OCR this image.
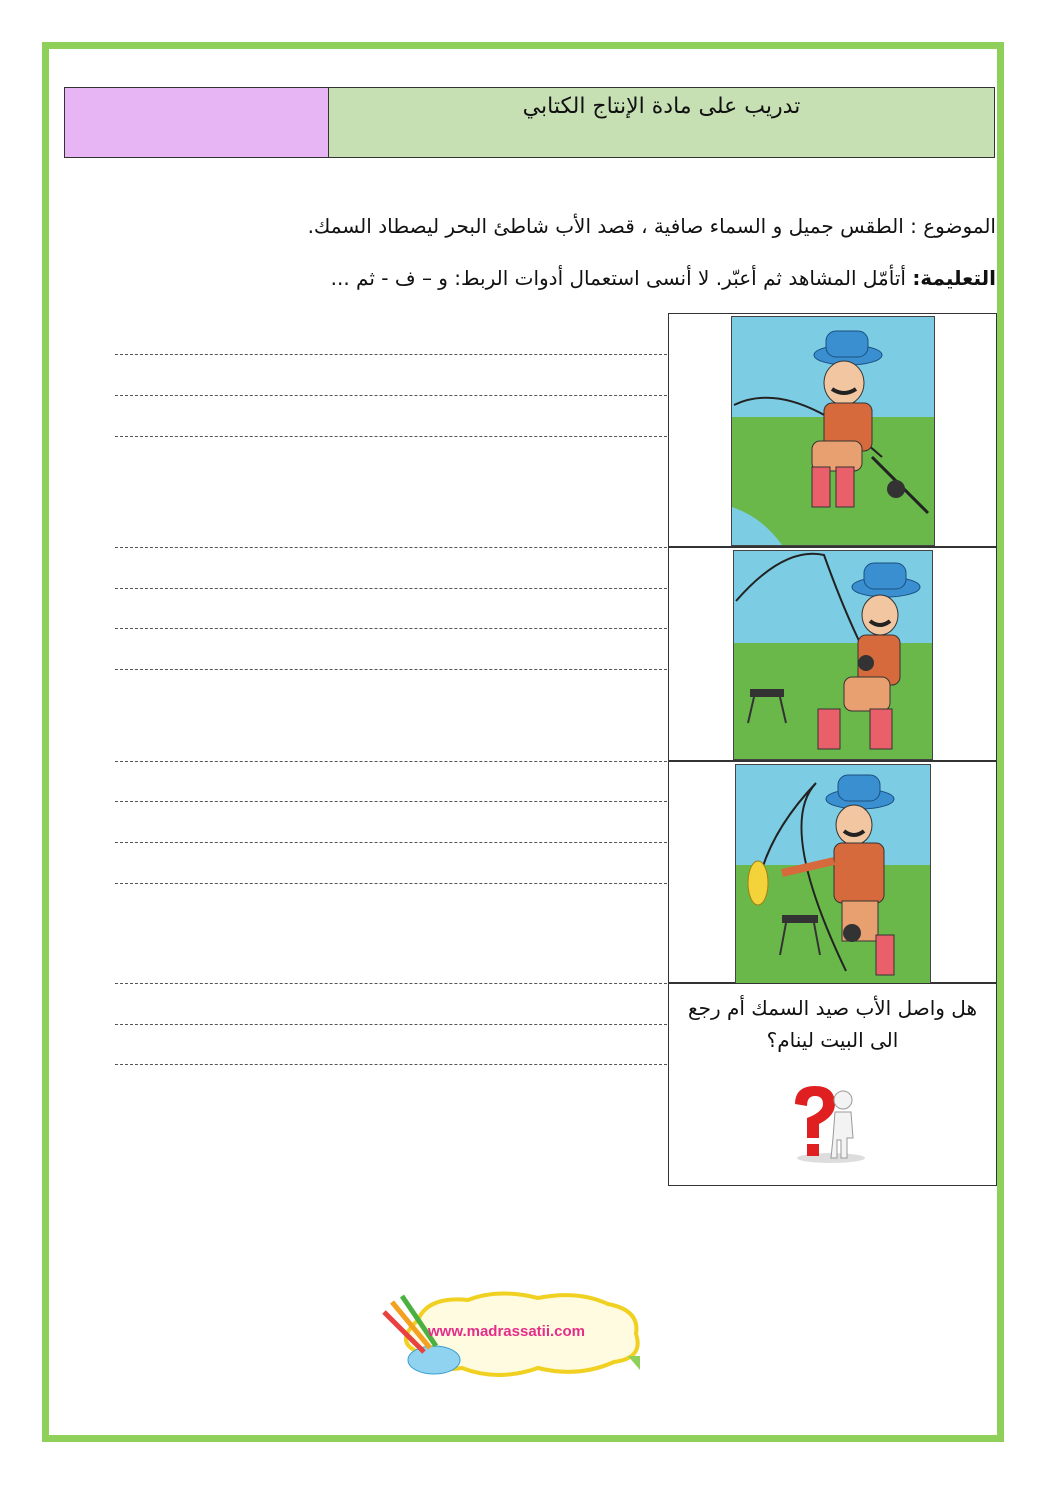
تدريب على مادة الإنتاج الكتابي
الموضوع : الطقس جميل و السماء صافية ، قصد الأب شاطئ البحر ليصطاد السمك.
التعليمة: أتأمّل المشاهد ثم أعبّر. لا أنسى استعمال أدوات الربط: و – ف - ثم ...
هل واصل الأب صيد السمك أم رجع الى البيت لينام؟
www.madrassatii.com
